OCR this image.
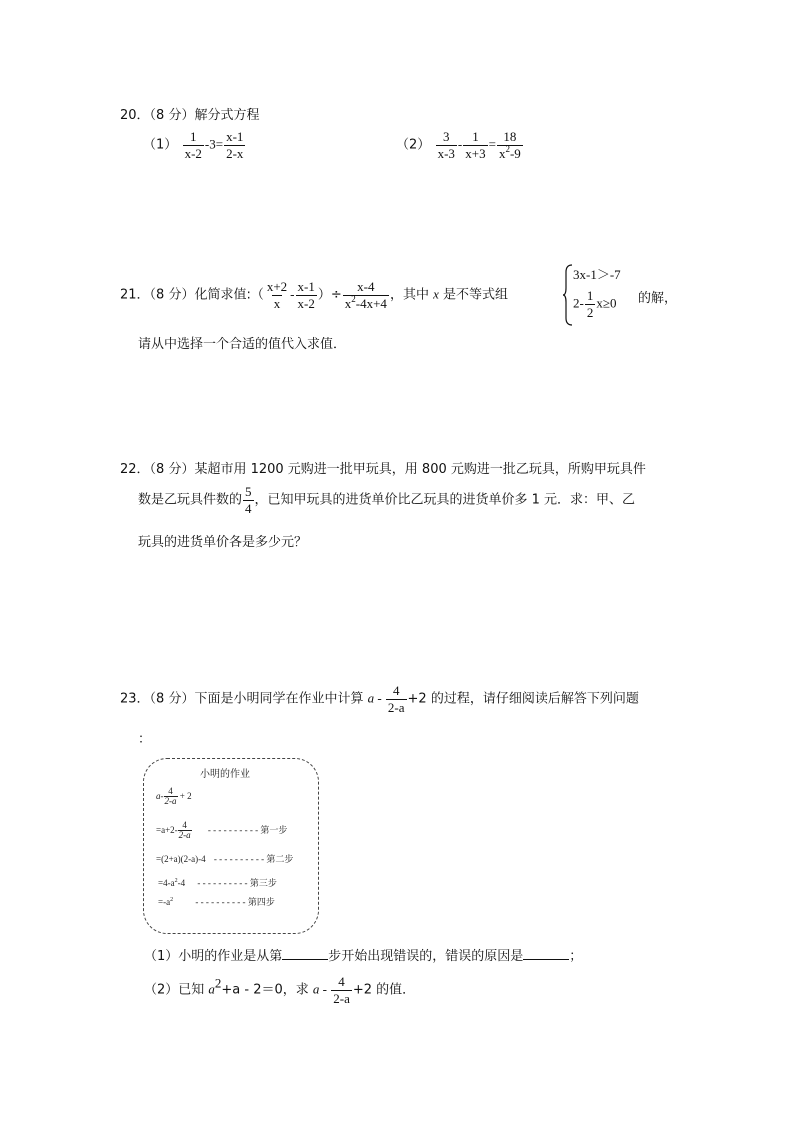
20．（8 分）解分式方程
$(1) \frac{1}{x-2} -3= \frac{x-1}{2-x}$	$(2) \frac{3}{x-3} - \frac{1}{x+3} = \frac{18}{x^2-9}$
21．（8 分）化简求值:（ $\frac{x+2}{x} - \frac{x-1}{x-2}$ ）÷ $\frac{x-4}{x^2-4x+4}$ ，其中 x 是不等式组
3x-1＞-7
$2- \frac{1}{2} x\ge 0$ 的解，
请从中选择一个合适的值代入求值．
22．（8 分）某超市用 1200 元购进一批甲玩具，用 800 元购进一批乙玩具，所购甲玩具件
数是乙玩具件数的 $\frac{5}{4}$ ，已知甲玩具的进货单价比乙玩具的进货单价多 1 元．求：甲、乙
玩具的进货单价各是多少元？
23．（8 分）下面是小明同学在作业中计算 $a - \frac{4}{2-a} +2$ 的过程，请仔细阅读后解答下列问题
：
小明的作业
$a- \frac{4}{2-a} + 2$
$=a+2- \frac{4}{2-a}$ - - - - - - - - - - 第一步
=(2+a)(2-a)-4 - - - - - - - - - - 第二步
$=4-a^2-4$ - - - - - - - - - - 第三步
$=-a^2$ - - - - - - - - - - 第四步
（1）小明的作业是从第	步开始出现错误的，错误的原因是	；
（2）已知 $a^2+a - 2=0$，求 $a - \frac{4}{2-a} +2$ 的值．
